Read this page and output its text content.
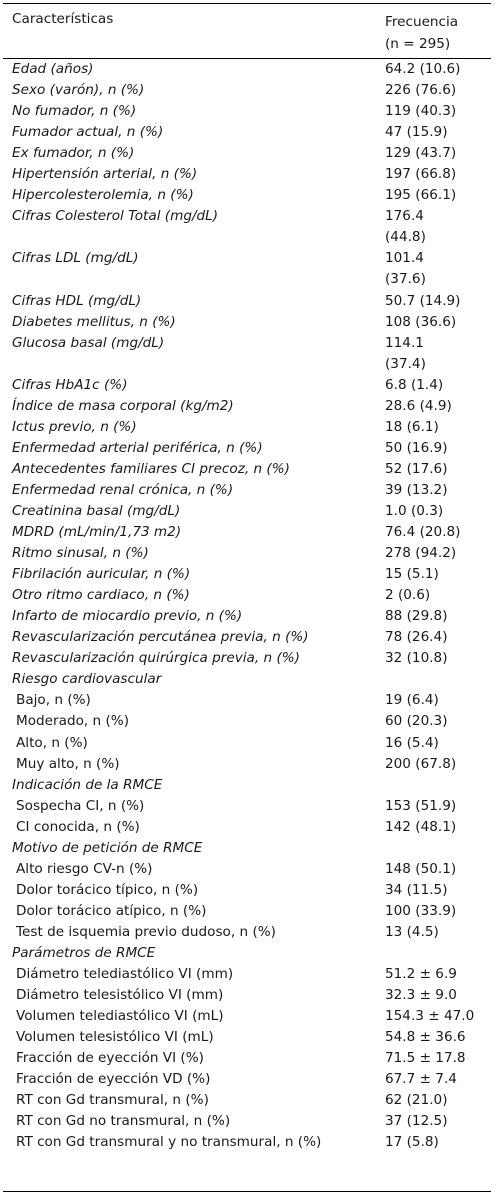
Características	Frecuencia
(n = 295)
Edad (años)	64.2 (10.6)
Sexo (varón), n (%)	226 (76.6)
No fumador, n (%)	119 (40.3)
Fumador actual, n (%)	47 (15.9)
Ex fumador, n (%)	129 (43.7)
Hipertensión arterial, n (%)	197 (66.8)
Hipercolesterolemia, n (%)	195 (66.1)
Cifras Colesterol Total (mg/dL)	176.4
(44.8)
Cifras LDL (mg/dL)	101.4
(37.6)
Cifras HDL (mg/dL)	50.7 (14.9)
Diabetes mellitus, n (%)	108 (36.6)
Glucosa basal (mg/dL)	114.1
(37.4)
Cifras HbA1c (%)	6.8 (1.4)
Índice de masa corporal (kg/m2)	28.6 (4.9)
Ictus previo, n (%)	18 (6.1)
Enfermedad arterial periférica, n (%)	50 (16.9)
Antecedentes familiares CI precoz, n (%)	52 (17.6)
Enfermedad renal crónica, n (%)	39 (13.2)
Creatinina basal (mg/dL)	1.0 (0.3)
MDRD (mL/min/1,73 m2)	76.4 (20.8)
Ritmo sinusal, n (%)	278 (94.2)
Fibrilación auricular, n (%)	15 (5.1)
Otro ritmo cardiaco, n (%)	2 (0.6)
Infarto de miocardio previo, n (%)	88 (29.8)
Revascularización percutánea previa, n (%)	78 (26.4)
Revascularización quirúrgica previa, n (%)	32 (10.8)
Riesgo cardiovascular
Bajo, n (%)	19 (6.4)
Moderado, n (%)	60 (20.3)
Alto, n (%)	16 (5.4)
Muy alto, n (%)	200 (67.8)
Indicación de la RMCE
Sospecha CI, n (%)	153 (51.9)
CI conocida, n (%)	142 (48.1)
Motivo de petición de RMCE
Alto riesgo CV-n (%)	148 (50.1)
Dolor torácico típico, n (%)	34 (11.5)
Dolor torácico atípico, n (%)	100 (33.9)
Test de isquemia previo dudoso, n (%)	13 (4.5)
Parámetros de RMCE
Diámetro telediastólico VI (mm)	51.2 ± 6.9
Diámetro telesistólico VI (mm)	32.3 ± 9.0
Volumen telediastólico VI (mL)	154.3 ± 47.0
Volumen telesistólico VI (mL)	54.8 ± 36.6
Fracción de eyección VI (%)	71.5 ± 17.8
Fracción de eyección VD (%)	67.7 ± 7.4
RT con Gd transmural, n (%)	62 (21.0)
RT con Gd no transmural, n (%)	37 (12.5)
RT con Gd transmural y no transmural, n (%)	17 (5.8)
